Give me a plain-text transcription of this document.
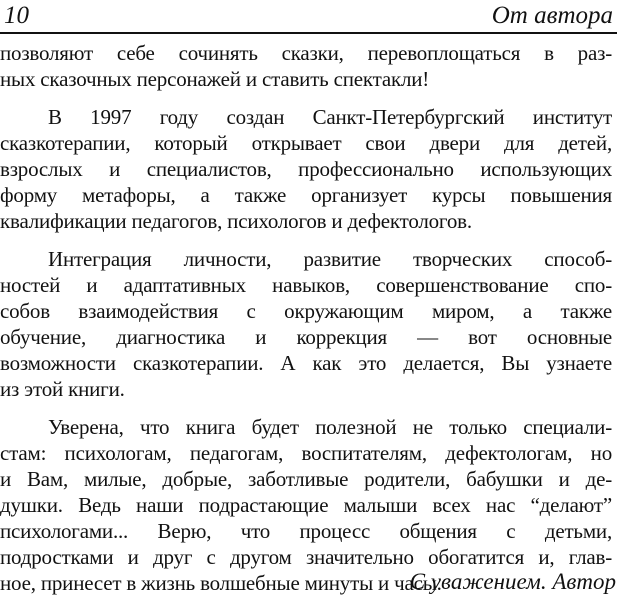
10	От автора
позволяют себе сочинять сказки, перевоплощаться в раз-
ных сказочных персонажей и ставить спектакли!
В 1997 году создан Санкт-Петербургский институт
сказкотерапии, который открывает свои двери для детей,
взрослых и специалистов, профессионально использующих
форму метафоры, а также организует курсы повышения
квалификации педагогов, психологов и дефектологов.
Интеграция личности, развитие творческих способ-
ностей и адаптативных навыков, совершенствование спо-
собов взаимодействия с окружающим миром, а также
обучение, диагностика и коррекция — вот основные
возможности сказкотерапии. А как это делается, Вы узнаете
из этой книги.
Уверена, что книга будет полезной не только специали-
стам: психологам, педагогам, воспитателям, дефектологам, но
и Вам, милые, добрые, заботливые родители, бабушки и де-
душки. Ведь наши подрастающие малыши всех нас “делают”
психологами... Верю, что процесс общения с детьми,
подростками и друг с другом значительно обогатится и, глав-
ное, принесет в жизнь волшебные минуты и часы.
С уважением. Автор
